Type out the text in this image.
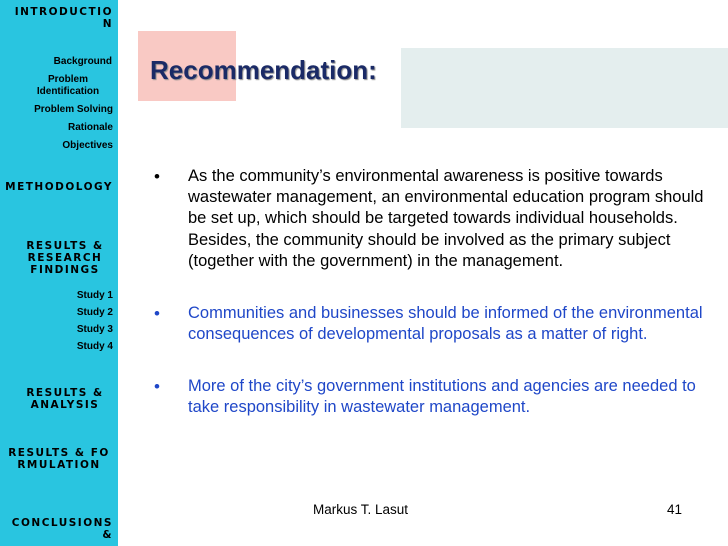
INTRODUCTION
Background
Problem Identification
Problem Solving
Rationale
Objectives
METHODOLOGY
RESULTS & RESEARCH FINDINGS
Study 1
Study 2
Study 3
Study 4
RESULTS & ANALYSIS
RESULTS & FORMULATION
CONCLUSIONS &
Recommendation:
• As the community’s environmental awareness is positive towards wastewater management, an environmental education program should be set up, which should be targeted towards individual households. Besides, the community should be involved as the primary subject (together with the government) in the management.
• Communities and businesses should be informed of the environmental consequences of developmental proposals as a matter of right.
• More of the city’s government institutions and agencies are needed to take responsibility in wastewater management.
Markus T. Lasut	41
